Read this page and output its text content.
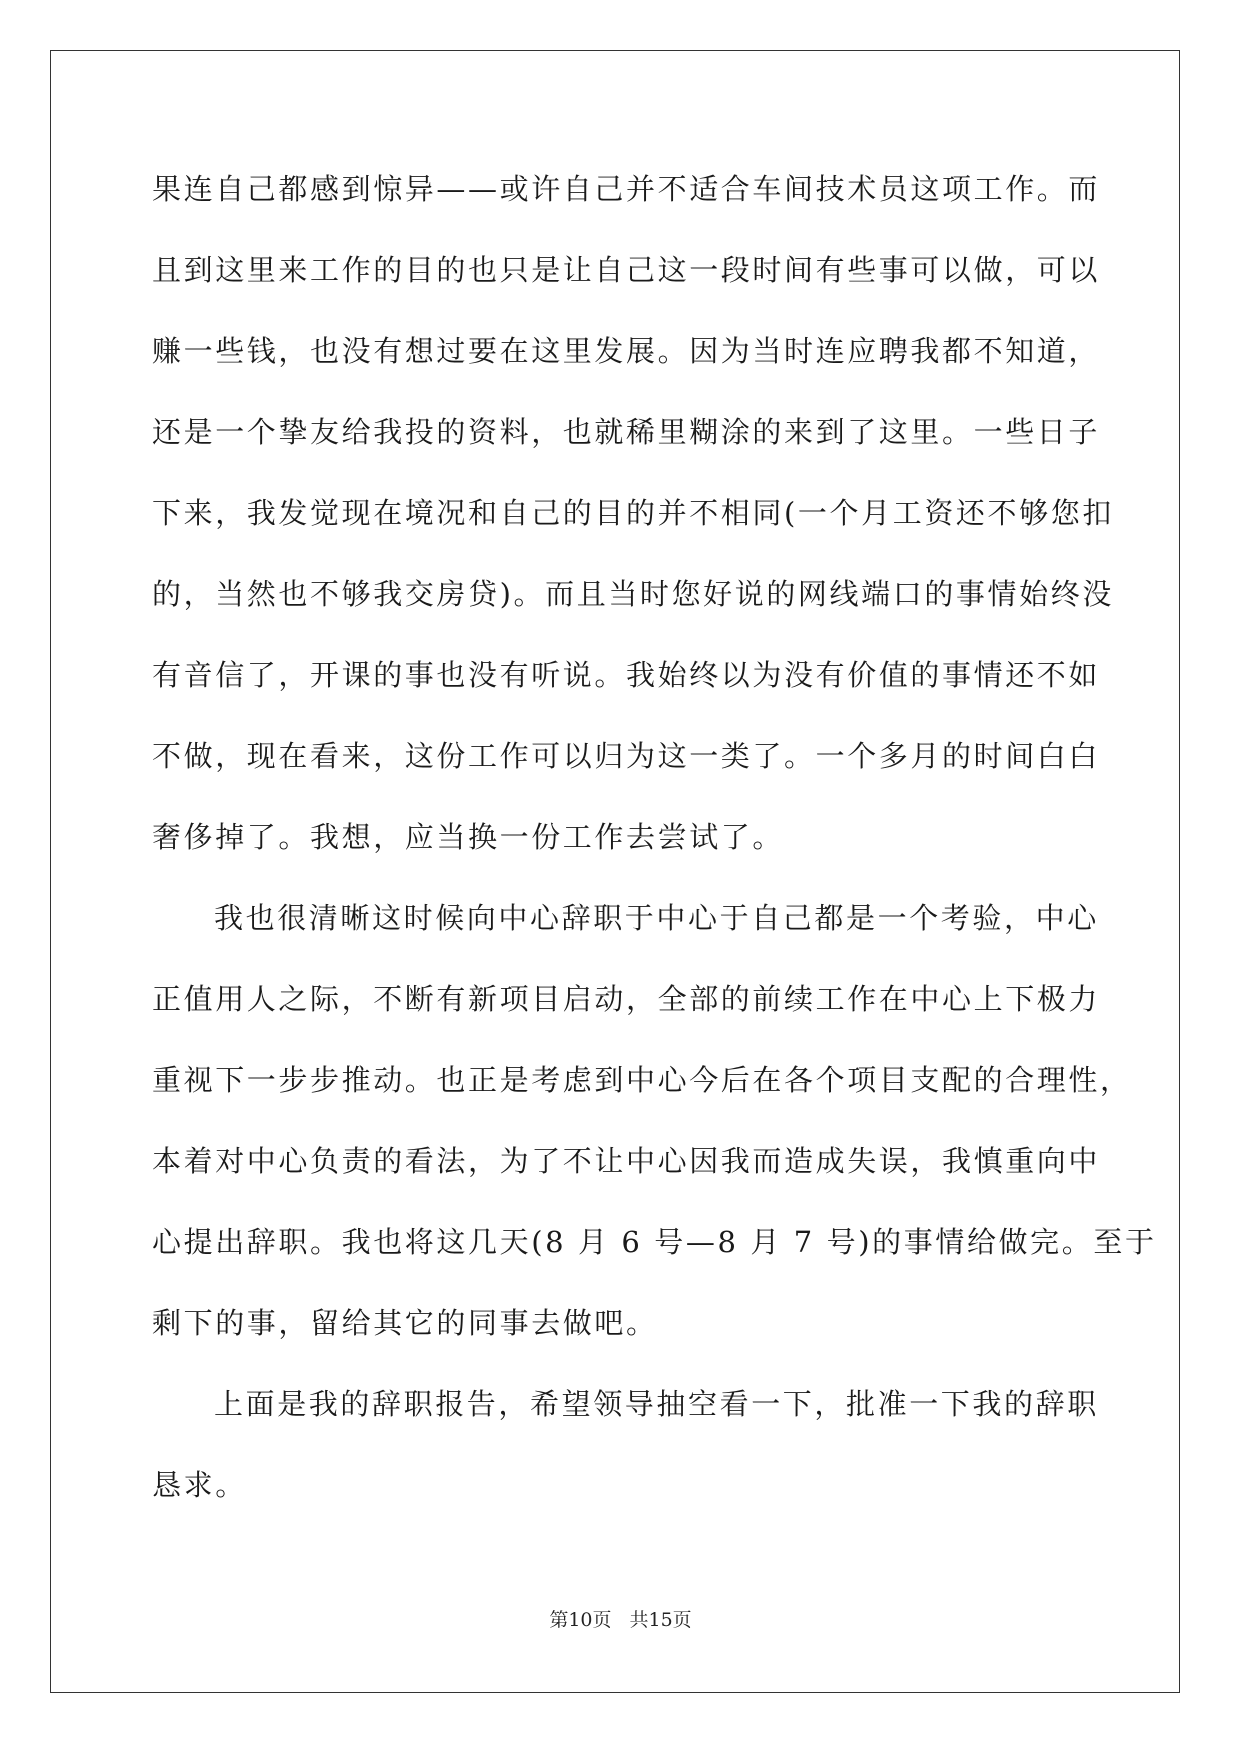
果连自己都感到惊异——或许自己并不适合车间技术员这项工作。而
且到这里来工作的目的也只是让自己这一段时间有些事可以做，可以
赚一些钱，也没有想过要在这里发展。因为当时连应聘我都不知道，
还是一个挚友给我投的资料，也就稀里糊涂的来到了这里。一些日子
下来，我发觉现在境况和自己的目的并不相同(一个月工资还不够您扣
的，当然也不够我交房贷)。而且当时您好说的网线端口的事情始终没
有音信了，开课的事也没有听说。我始终以为没有价值的事情还不如
不做，现在看来，这份工作可以归为这一类了。一个多月的时间白白
奢侈掉了。我想，应当换一份工作去尝试了。
我也很清晰这时候向中心辞职于中心于自己都是一个考验，中心
正值用人之际，不断有新项目启动，全部的前续工作在中心上下极力
重视下一步步推动。也正是考虑到中心今后在各个项目支配的合理性，
本着对中心负责的看法，为了不让中心因我而造成失误，我慎重向中
心提出辞职。我也将这几天(8 月 6 号—8 月 7 号)的事情给做完。至于
剩下的事，留给其它的同事去做吧。
上面是我的辞职报告，希望领导抽空看一下，批准一下我的辞职
恳求。
第10页 共15页
